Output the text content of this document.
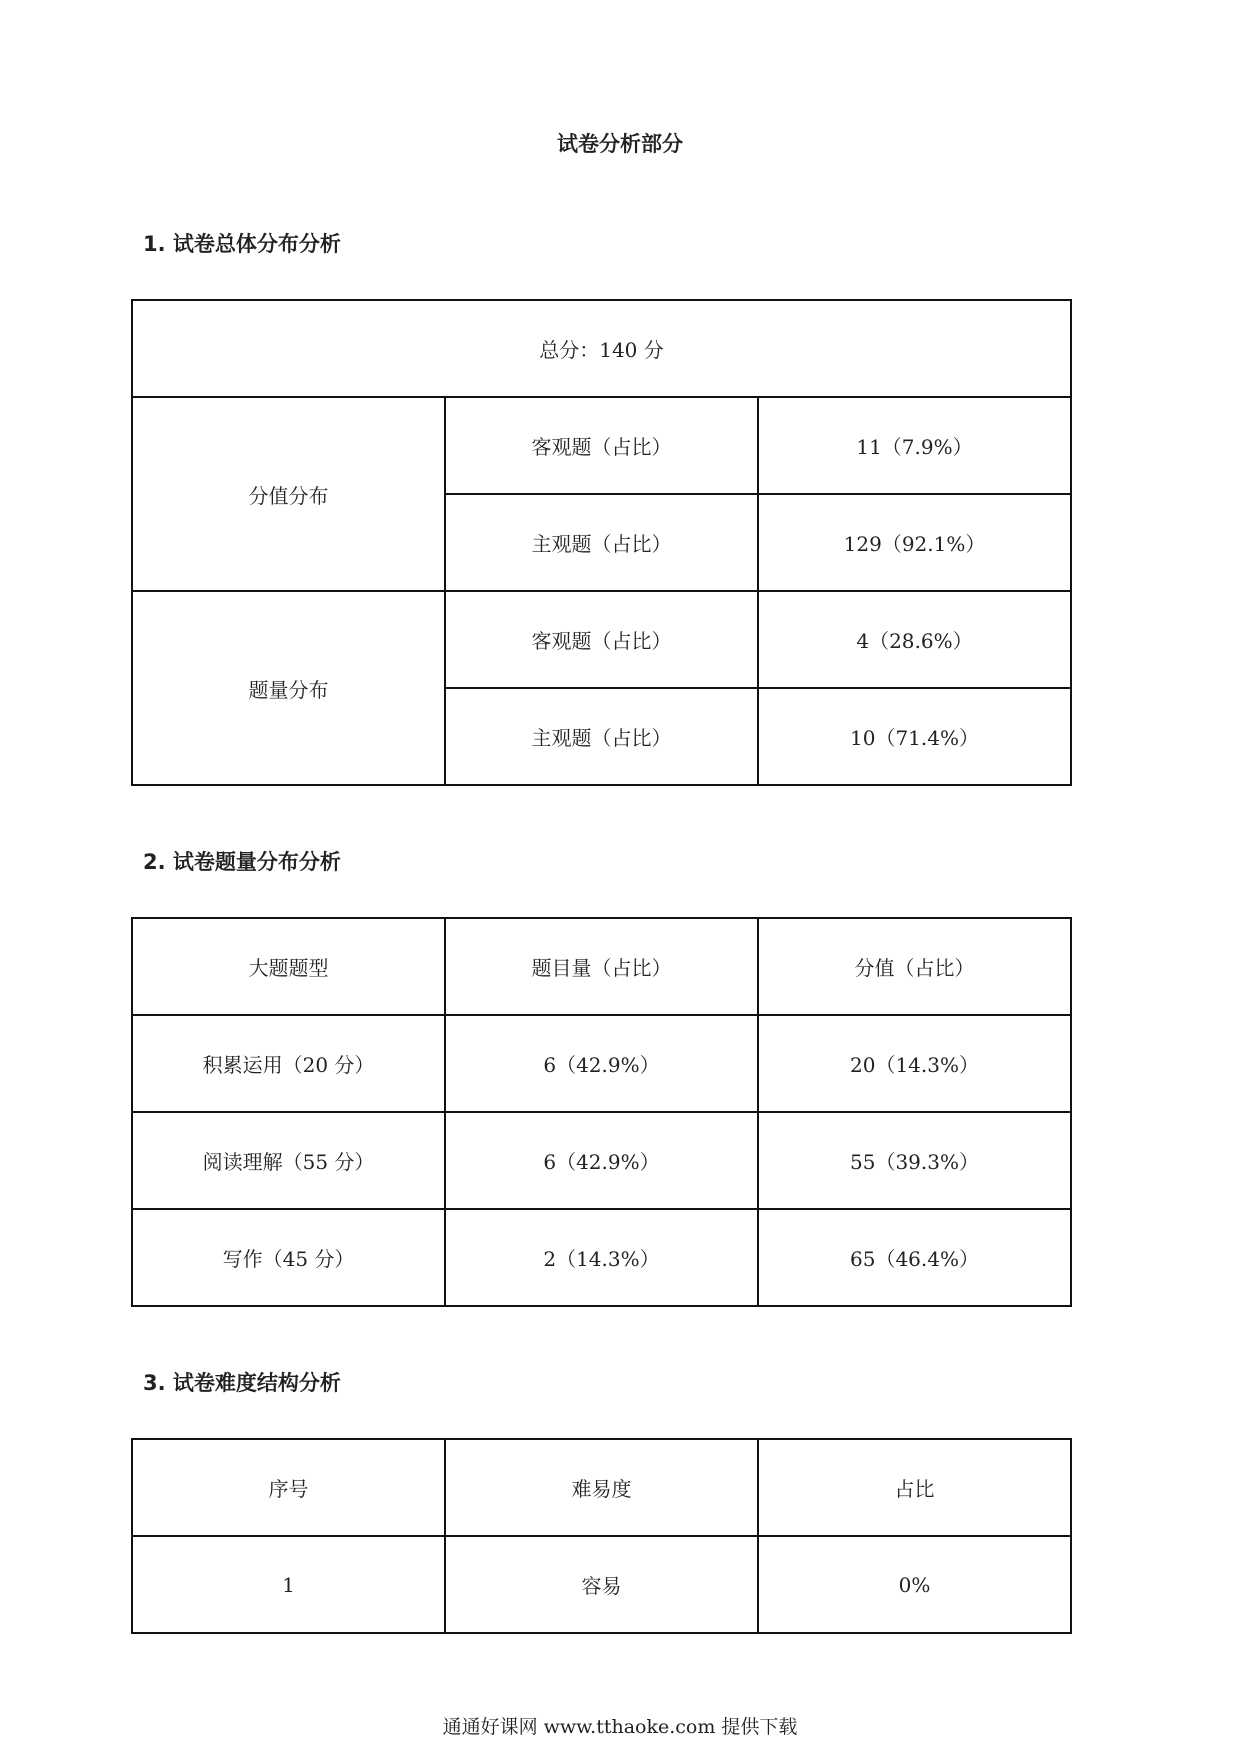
试卷分析部分
1. 试卷总体分布分析
总分：140 分		
分值分布	客观题（占比）	11（7.9%）
	主观题（占比）	129（92.1%）
题量分布	客观题（占比）	4（28.6%）
	主观题（占比）	10（71.4%）
2. 试卷题量分布分析
大题题型	题目量（占比）	分值（占比）
积累运用（20 分）	6（42.9%）	20（14.3%）
阅读理解（55 分）	6（42.9%）	55（39.3%）
写作（45 分）	2（14.3%）	65（46.4%）
3. 试卷难度结构分析
序号	难易度	占比
1	容易	0%
通通好课网 www.tthaoke.com 提供下载
